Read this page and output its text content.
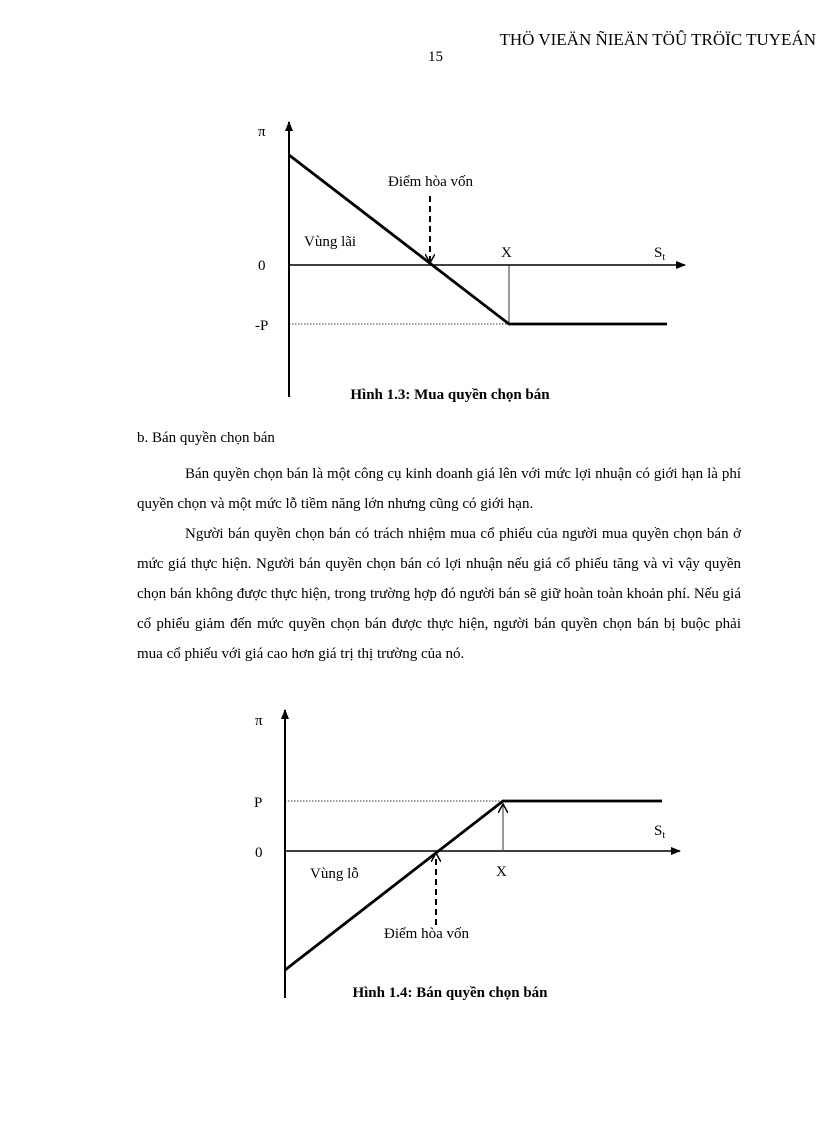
THÖ VIEÄN ÑIEÄN TÖÛ TRÖÏC TUYEÁN
15
π
0
-P
Điểm hòa vốn
Vùng lãi
X	$S_t$
Hình 1.3: Mua quyền chọn bán
b. Bán quyền chọn bán
Bán quyền chọn bán là một công cụ kinh doanh giá lên với mức lợi nhuận có giới hạn là phí quyền chọn và một mức lỗ tiềm năng lớn nhưng cũng có giới hạn.
Người bán quyền chọn bán có trách nhiệm mua cổ phiếu của người mua quyền chọn bán ở mức giá thực hiện. Người bán quyền chọn bán có lợi nhuận nếu giá cổ phiếu tăng và vì vậy quyền chọn bán không được thực hiện, trong trường hợp đó người bán sẽ giữ hoàn toàn khoản phí. Nếu giá cổ phiếu giảm đến mức quyền chọn bán được thực hiện, người bán quyền chọn bán bị buộc phải mua cổ phiếu với giá cao hơn giá trị thị trường của nó.
π
P
0
Vùng lỗ	X
Điểm hòa vốn
$S_t$
Hình 1.4: Bán quyền chọn bán
